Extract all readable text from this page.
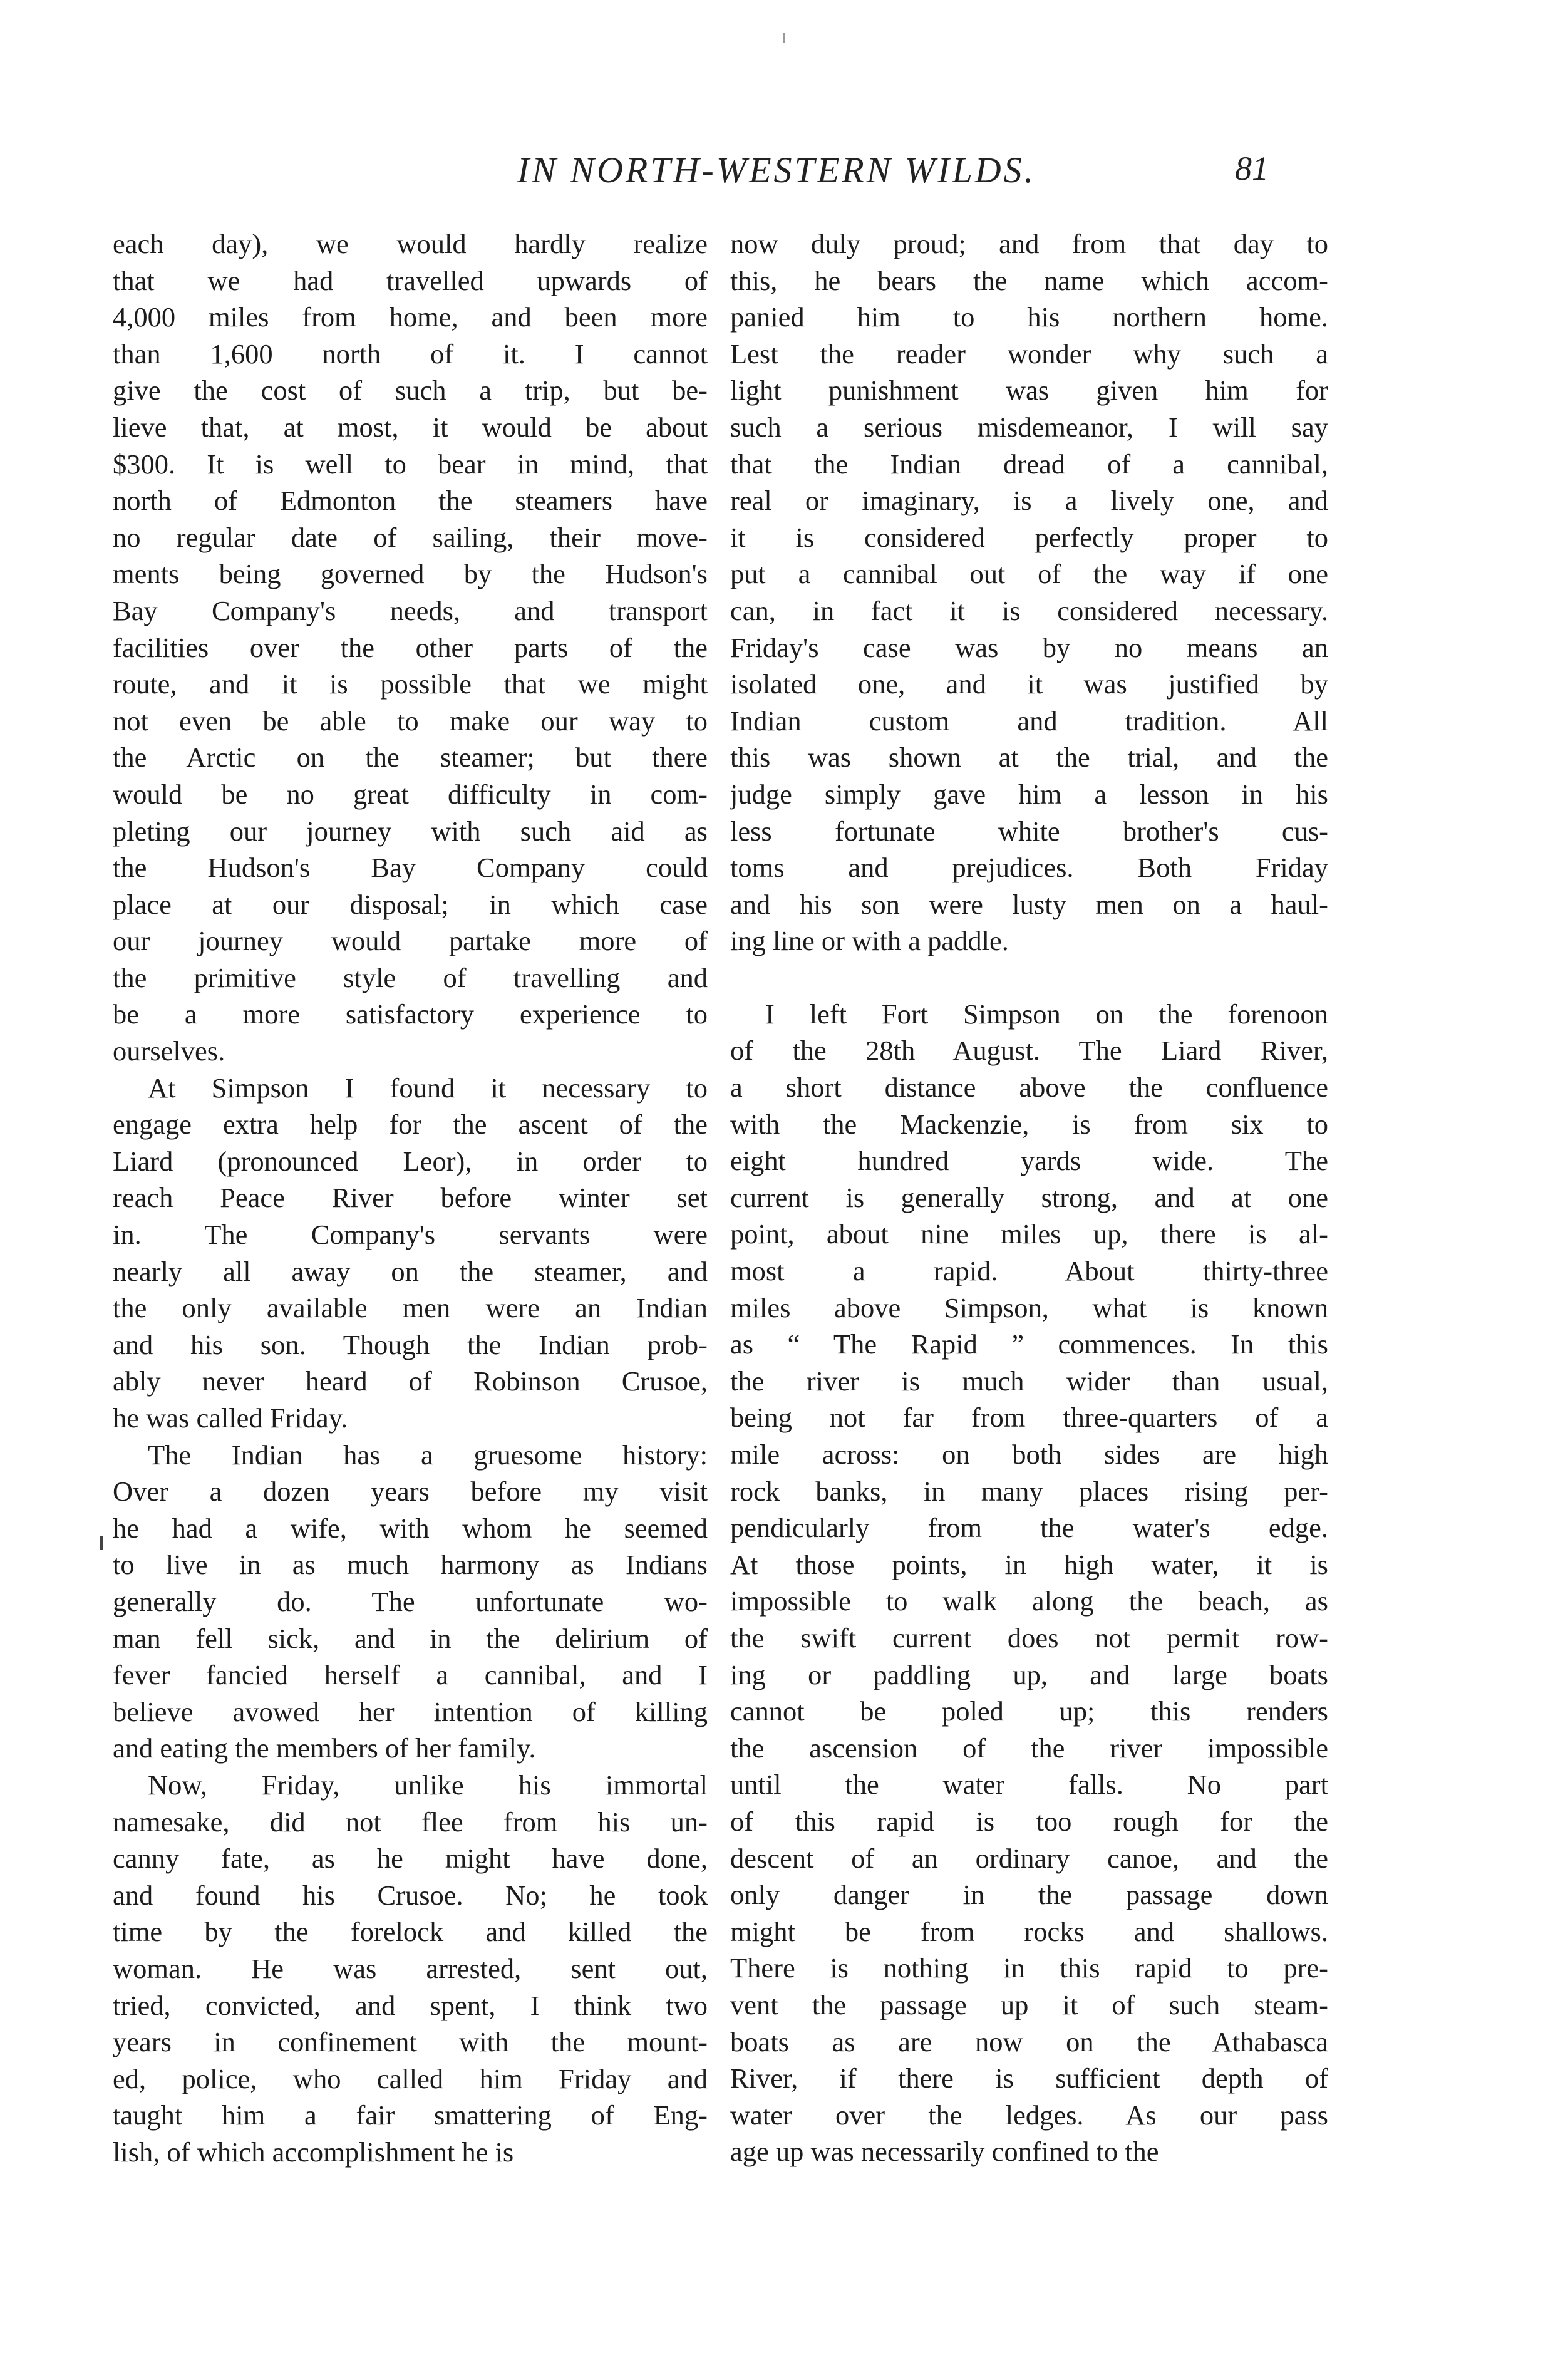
IN NORTH-WESTERN WILDS.	81
each day), we would hardly realize
that we had travelled upwards of
4,000 miles from home, and been more
than 1,600 north of it. I cannot
give the cost of such a trip, but be-
lieve that, at most, it would be about
$300. It is well to bear in mind, that
north of Edmonton the steamers have
no regular date of sailing, their move-
ments being governed by the Hudson's
Bay Company's needs, and transport
facilities over the other parts of the
route, and it is possible that we might
not even be able to make our way to
the Arctic on the steamer; but there
would be no great difficulty in com-
pleting our journey with such aid as
the Hudson's Bay Company could
place at our disposal; in which case
our journey would partake more of
the primitive style of travelling and
be a more satisfactory experience to
ourselves.
At Simpson I found it necessary to
engage extra help for the ascent of the
Liard (pronounced Leor), in order to
reach Peace River before winter set
in. The Company's servants were
nearly all away on the steamer, and
the only available men were an Indian
and his son. Though the Indian prob-
ably never heard of Robinson Crusoe,
he was called Friday.
The Indian has a gruesome history:
Over a dozen years before my visit
he had a wife, with whom he seemed
to live in as much harmony as Indians
generally do. The unfortunate wo-
man fell sick, and in the delirium of
fever fancied herself a cannibal, and I
believe avowed her intention of killing
and eating the members of her family.
Now, Friday, unlike his immortal
namesake, did not flee from his un-
canny fate, as he might have done,
and found his Crusoe. No; he took
time by the forelock and killed the
woman. He was arrested, sent out,
tried, convicted, and spent, I think two
years in confinement with the mount-
ed, police, who called him Friday and
taught him a fair smattering of Eng-
lish, of which accomplishment he is
now duly proud; and from that day to
this, he bears the name which accom-
panied him to his northern home.
Lest the reader wonder why such a
light punishment was given him for
such a serious misdemeanor, I will say
that the Indian dread of a cannibal,
real or imaginary, is a lively one, and
it is considered perfectly proper to
put a cannibal out of the way if one
can, in fact it is considered necessary.
Friday's case was by no means an
isolated one, and it was justified by
Indian custom and tradition. All
this was shown at the trial, and the
judge simply gave him a lesson in his
less fortunate white brother's cus-
toms and prejudices. Both Friday
and his son were lusty men on a haul-
ing line or with a paddle.
I left Fort Simpson on the forenoon
of the 28th August. The Liard River,
a short distance above the confluence
with the Mackenzie, is from six to
eight hundred yards wide. The
current is generally strong, and at one
point, about nine miles up, there is al-
most a rapid. About thirty-three
miles above Simpson, what is known
as “ The Rapid ” commences. In this
the river is much wider than usual,
being not far from three-quarters of a
mile across: on both sides are high
rock banks, in many places rising per-
pendicularly from the water's edge.
At those points, in high water, it is
impossible to walk along the beach, as
the swift current does not permit row-
ing or paddling up, and large boats
cannot be poled up; this renders
the ascension of the river impossible
until the water falls. No part
of this rapid is too rough for the
descent of an ordinary canoe, and the
only danger in the passage down
might be from rocks and shallows.
There is nothing in this rapid to pre-
vent the passage up it of such steam-
boats as are now on the Athabasca
River, if there is sufficient depth of
water over the ledges. As our pass
age up was necessarily confined to the
